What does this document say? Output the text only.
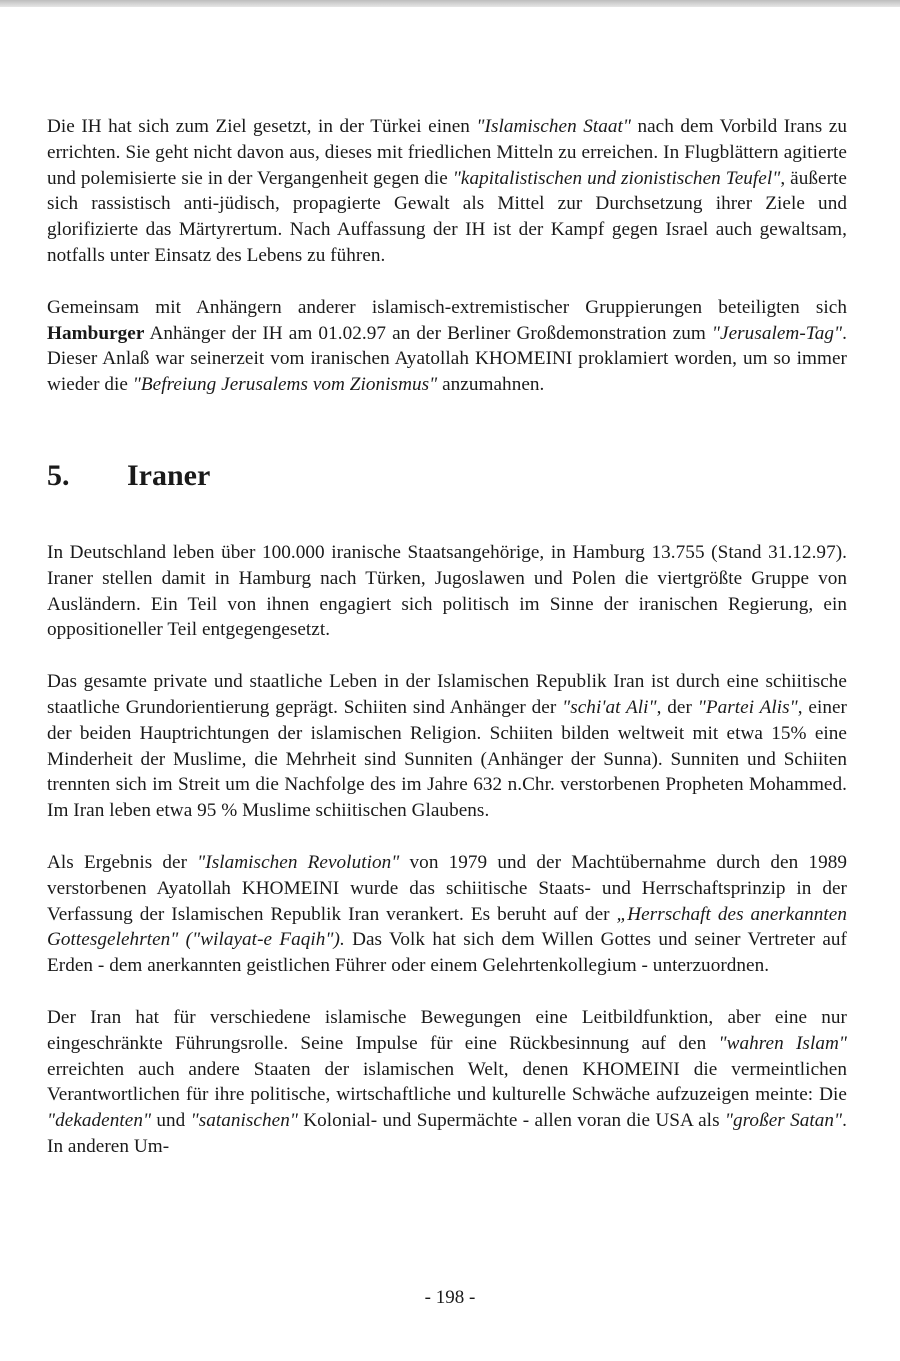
Die IH hat sich zum Ziel gesetzt, in der Türkei einen "Islamischen Staat" nach dem Vorbild Irans zu errichten. Sie geht nicht davon aus, dieses mit friedlichen Mitteln zu erreichen. In Flugblättern agitierte und polemisierte sie in der Vergangenheit gegen die "kapitalistischen und zionistischen Teufel", äußerte sich rassistisch anti-jüdisch, propagierte Gewalt als Mittel zur Durchsetzung ihrer Ziele und glorifizierte das Märtyrertum. Nach Auffassung der IH ist der Kampf gegen Israel auch gewaltsam, notfalls unter Einsatz des Lebens zu führen.

Gemeinsam mit Anhängern anderer islamisch-extremistischer Gruppierungen beteiligten sich Hamburger Anhänger der IH am 01.02.97 an der Berliner Großdemonstration zum "Jerusalem-Tag". Dieser Anlaß war seinerzeit vom iranischen Ayatollah KHOMEINI proklamiert worden, um so immer wieder die "Befreiung Jerusalems vom Zionismus" anzumahnen.

5. Iraner

In Deutschland leben über 100.000 iranische Staatsangehörige, in Hamburg 13.755 (Stand 31.12.97). Iraner stellen damit in Hamburg nach Türken, Jugoslawen und Polen die viertgrößte Gruppe von Ausländern. Ein Teil von ihnen engagiert sich politisch im Sinne der iranischen Regierung, ein oppositioneller Teil entgegengesetzt.

Das gesamte private und staatliche Leben in der Islamischen Republik Iran ist durch eine schiitische staatliche Grundorientierung geprägt. Schiiten sind Anhänger der "schi'at Ali", der "Partei Alis", einer der beiden Hauptrichtungen der islamischen Religion. Schiiten bilden weltweit mit etwa 15% eine Minderheit der Muslime, die Mehrheit sind Sunniten (Anhänger der Sunna). Sunniten und Schiiten trennten sich im Streit um die Nachfolge des im Jahre 632 n.Chr. verstorbenen Propheten Mohammed. Im Iran leben etwa 95 % Muslime schiitischen Glaubens.

Als Ergebnis der "Islamischen Revolution" von 1979 und der Machtübernahme durch den 1989 verstorbenen Ayatollah KHOMEINI wurde das schiitische Staats- und Herrschaftsprinzip in der Verfassung der Islamischen Republik Iran verankert. Es beruht auf der „Herrschaft des anerkannten Gottesgelehrten" ("wilayat-e Faqih"). Das Volk hat sich dem Willen Gottes und seiner Vertreter auf Erden - dem anerkannten geistlichen Führer oder einem Gelehrtenkollegium - unterzuordnen.

Der Iran hat für verschiedene islamische Bewegungen eine Leitbildfunktion, aber eine nur eingeschränkte Führungsrolle. Seine Impulse für eine Rückbesinnung auf den "wahren Islam" erreichten auch andere Staaten der islamischen Welt, denen KHOMEINI die vermeintlichen Verantwortlichen für ihre politische, wirtschaftliche und kulturelle Schwäche aufzuzeigen meinte: Die "dekadenten" und "satanischen" Kolonial- und Supermächte - allen voran die USA als "großer Satan". In anderen Um-

- 198 -
